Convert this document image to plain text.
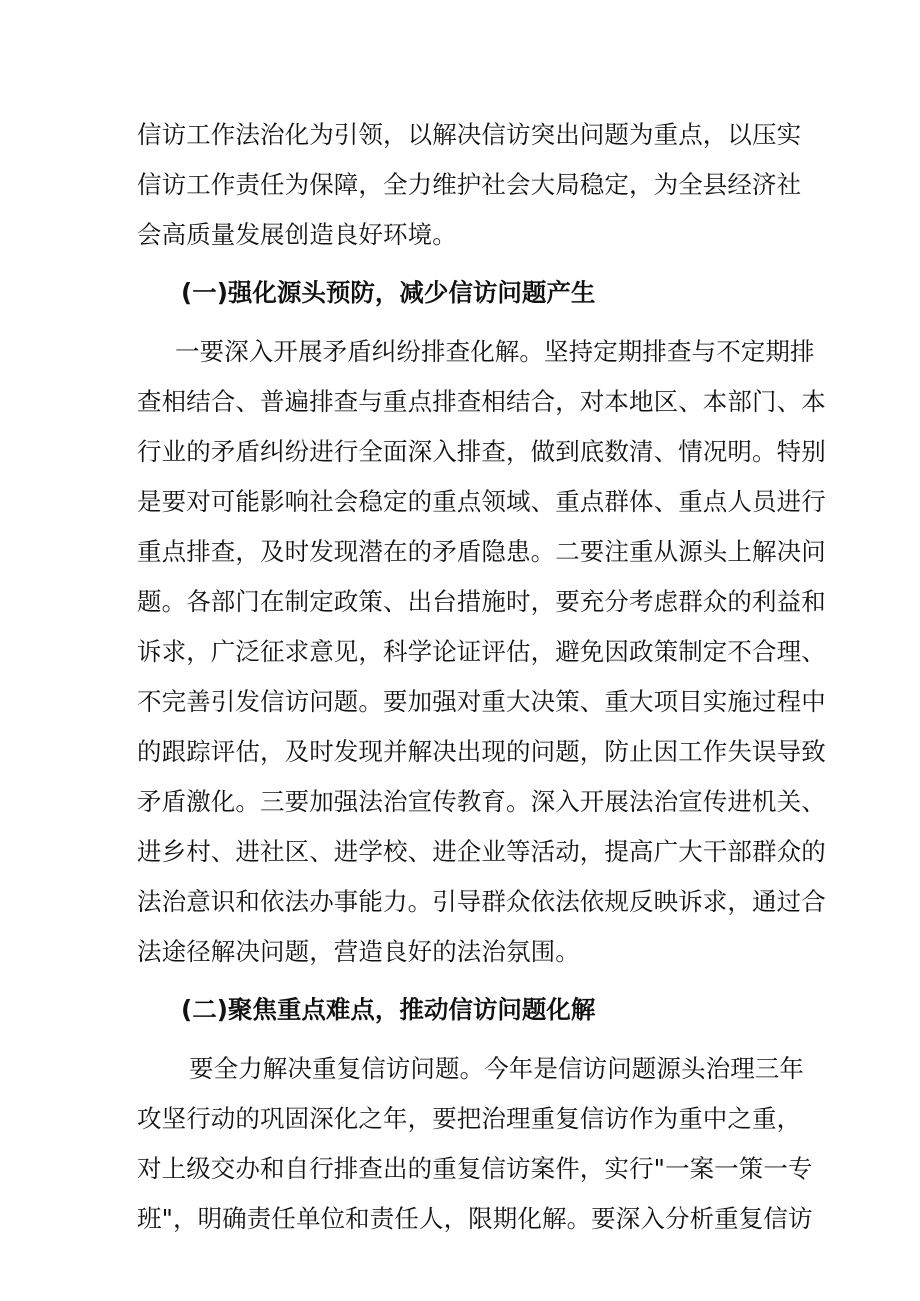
信访工作法治化为引领，以解决信访突出问题为重点，以压实
信访工作责任为保障，全力维护社会大局稳定，为全县经济社
会高质量发展创造良好环境。
(一)强化源头预防，减少信访问题产生
一要深入开展矛盾纠纷排查化解。坚持定期排查与不定期排
查相结合、普遍排查与重点排查相结合，对本地区、本部门、本
行业的矛盾纠纷进行全面深入排查，做到底数清、情况明。特别
是要对可能影响社会稳定的重点领域、重点群体、重点人员进行
重点排查，及时发现潜在的矛盾隐患。二要注重从源头上解决问
题。各部门在制定政策、出台措施时，要充分考虑群众的利益和
诉求，广泛征求意见，科学论证评估，避免因政策制定不合理、
不完善引发信访问题。要加强对重大决策、重大项目实施过程中
的跟踪评估，及时发现并解决出现的问题，防止因工作失误导致
矛盾激化。三要加强法治宣传教育。深入开展法治宣传进机关、
进乡村、进社区、进学校、进企业等活动，提高广大干部群众的
法治意识和依法办事能力。引导群众依法依规反映诉求，通过合
法途径解决问题，营造良好的法治氛围。
(二)聚焦重点难点，推动信访问题化解
要全力解决重复信访问题。今年是信访问题源头治理三年
攻坚行动的巩固深化之年，要把治理重复信访作为重中之重，
对上级交办和自行排查出的重复信访案件，实行"一案一策一专
班"，明确责任单位和责任人，限期化解。要深入分析重复信访
